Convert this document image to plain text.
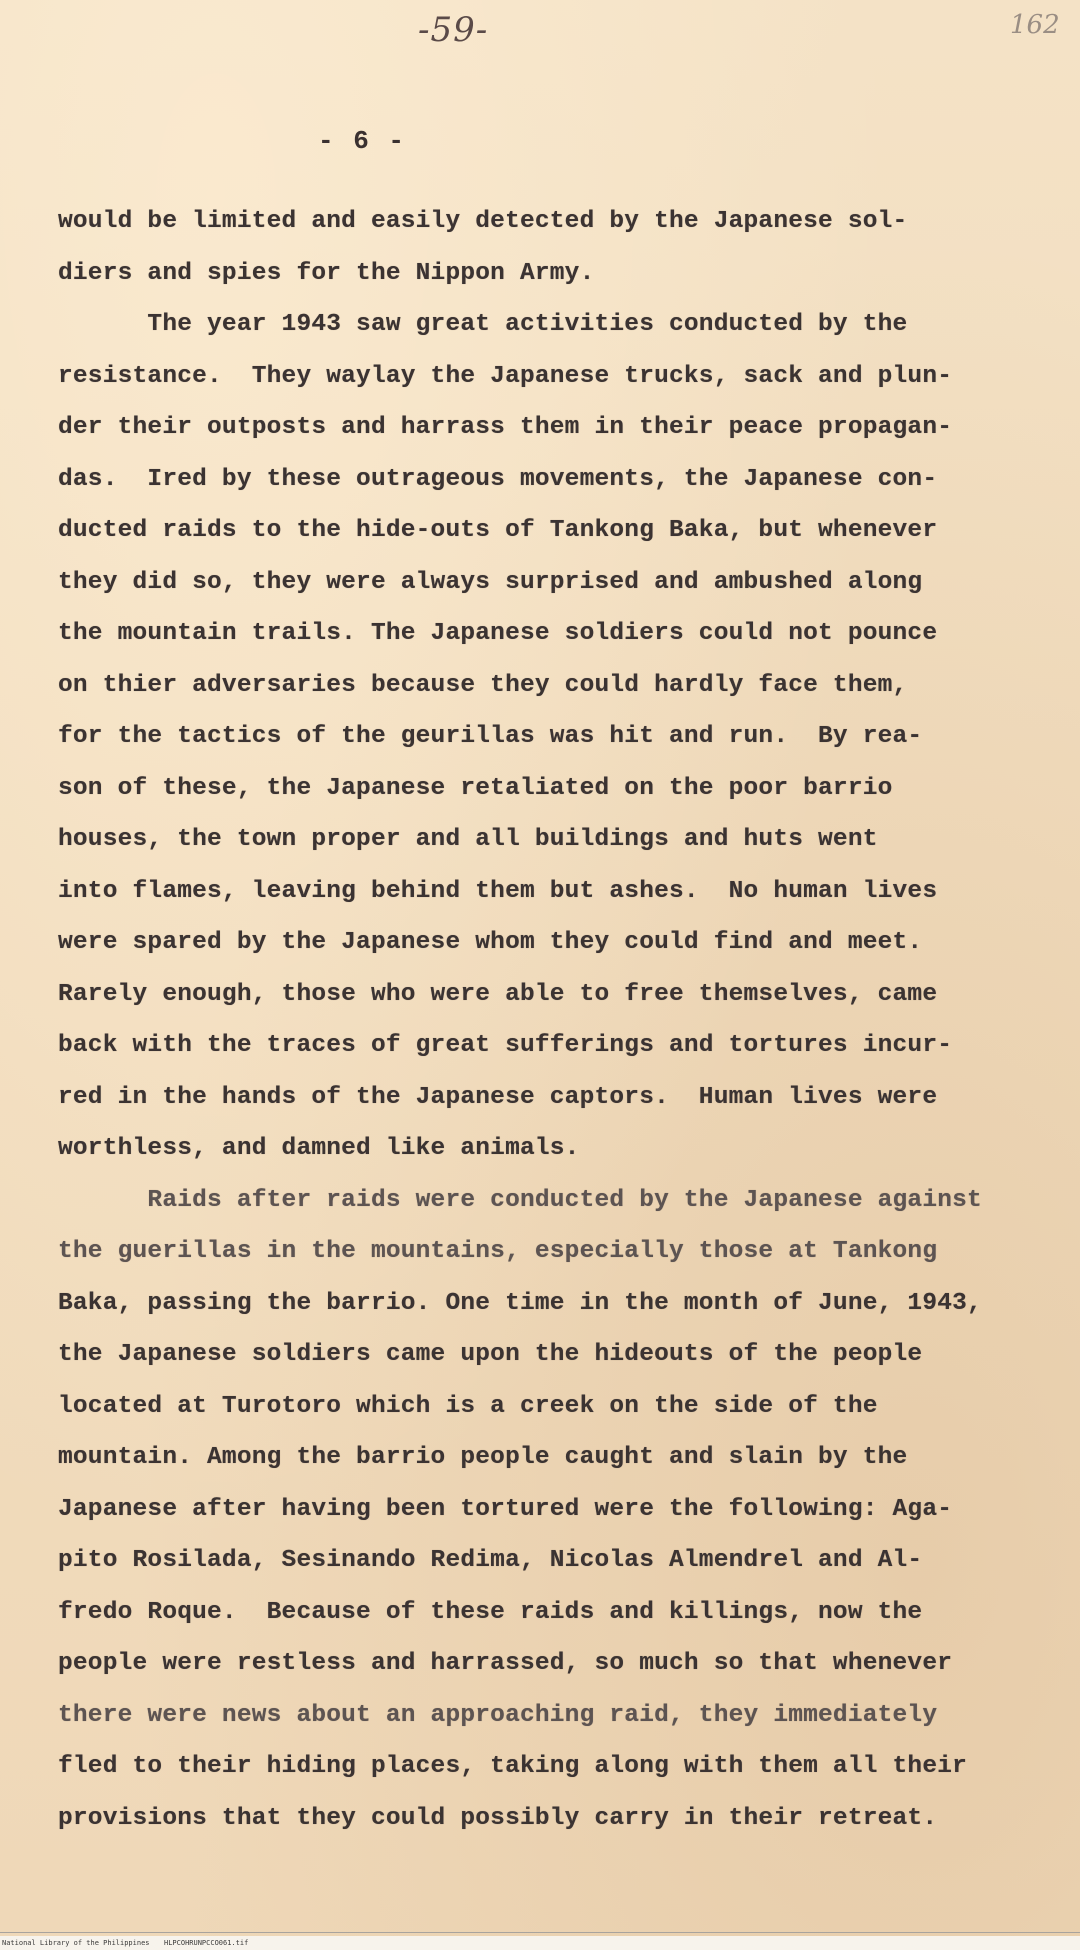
-59-	162
- 6 -
would be limited and easily detected by the Japanese sol-
diers and spies for the Nippon Army.
The year 1943 saw great activities conducted by the
resistance.  They waylay the Japanese trucks, sack and plun-
der their outposts and harrass them in their peace propagan-
das.  Ired by these outrageous movements, the Japanese con-
ducted raids to the hide-outs of Tankong Baka, but whenever
they did so, they were always surprised and ambushed along
the mountain trails. The Japanese soldiers could not pounce
on thier adversaries because they could hardly face them,
for the tactics of the geurillas was hit and run.  By rea-
son of these, the Japanese retaliated on the poor barrio
houses, the town proper and all buildings and huts went
into flames, leaving behind them but ashes.  No human lives
were spared by the Japanese whom they could find and meet.
Rarely enough, those who were able to free themselves, came
back with the traces of great sufferings and tortures incur-
red in the hands of the Japanese captors.  Human lives were
worthless, and damned like animals.
Raids after raids were conducted by the Japanese against
the guerillas in the mountains, especially those at Tankong
Baka, passing the barrio. One time in the month of June, 1943,
the Japanese soldiers came upon the hideouts of the people
located at Turotoro which is a creek on the side of the
mountain. Among the barrio people caught and slain by the
Japanese after having been tortured were the following: Aga-
pito Rosilada, Sesinando Redima, Nicolas Almendrel and Al-
fredo Roque.  Because of these raids and killings, now the
people were restless and harrassed, so much so that whenever
there were news about an approaching raid, they immediately
fled to their hiding places, taking along with them all their
provisions that they could possibly carry in their retreat.
National Library of the Philippines HLPCOHRUNPCCO061.tif
